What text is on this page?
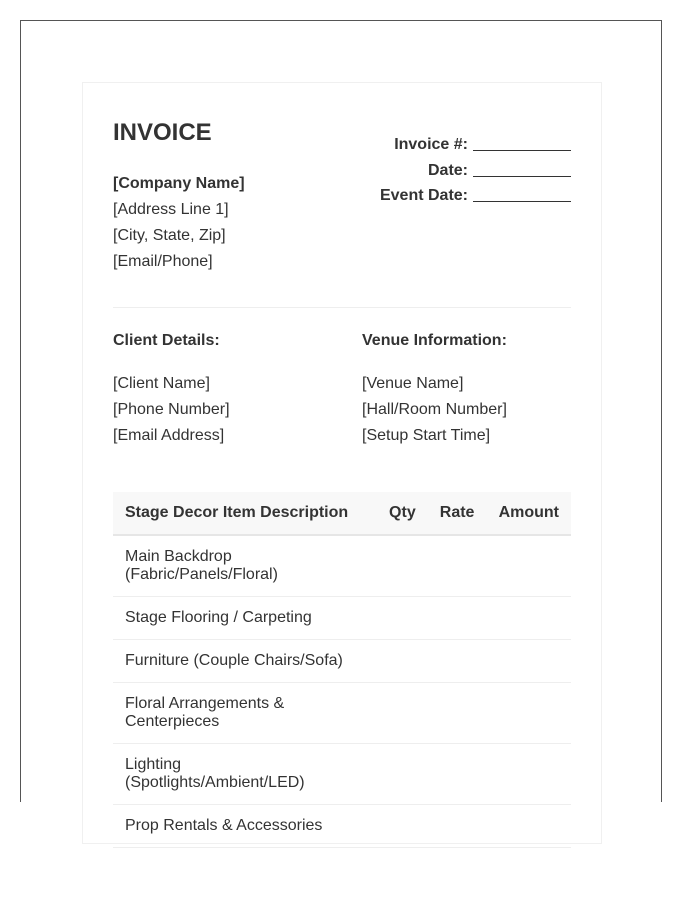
INVOICE
[Company Name]
[Address Line 1]
[City, State, Zip]
[Email/Phone]
Invoice #:
Date:
Event Date:
Client Details:
[Client Name]
[Phone Number]
[Email Address]
Venue Information:
[Venue Name]
[Hall/Room Number]
[Setup Start Time]
Stage Decor Item Description	Qty	Rate	Amount
Main Backdrop (Fabric/Panels/Floral)			
Stage Flooring / Carpeting			
Furniture (Couple Chairs/Sofa)			
Floral Arrangements & Centerpieces			
Lighting (Spotlights/Ambient/LED)			
Prop Rentals & Accessories			
